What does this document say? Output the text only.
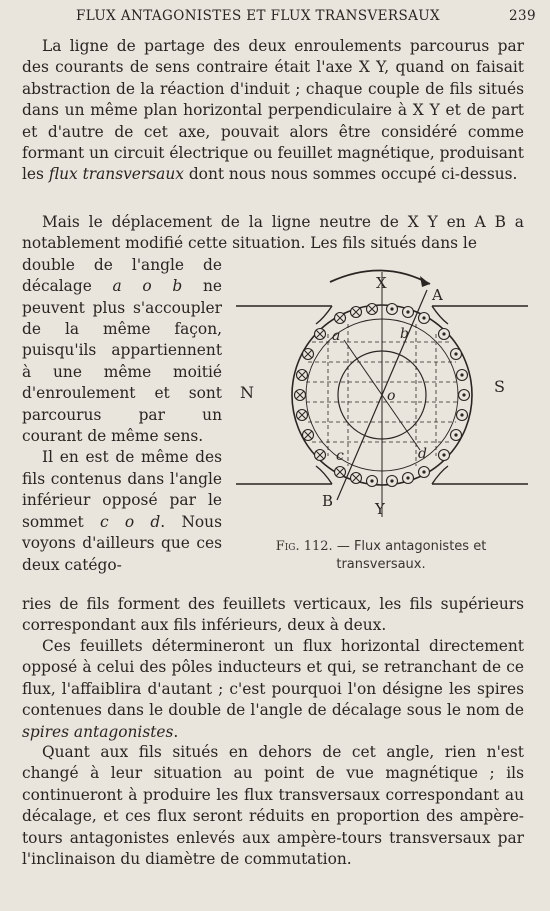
FLUX ANTAGONISTES ET FLUX TRANSVERSAUX	239
La ligne de partage des deux enroulements parcourus par des courants de sens contraire était l'axe X Y, quand on faisait abstraction de la réaction d'induit ; chaque couple de fils situés dans un même plan horizontal perpendiculaire à X Y et de part et d'autre de cet axe, pouvait alors être considéré comme formant un circuit électrique ou feuillet magnétique, produisant les flux transversaux dont nous nous sommes occupé ci-dessus.
Mais le déplacement de la ligne neutre de X Y en A B a notablement modifié cette situation. Les fils situés dans le
double de l'angle de décalage a o b ne peuvent plus s'accoupler de la même façon, puisqu'ils appartiennent à une même moitié d'enroulement et sont parcourus par un courant de même sens.
Il en est de même des fils contenus dans l'angle inférieur opposé par le sommet c o d. Nous voyons d'ailleurs que ces deux catégo-
ries de fils forment des feuillets verticaux, les fils supérieurs correspondant aux fils inférieurs, deux à deux.
Ces feuillets détermineront un flux horizontal directement opposé à celui des pôles inducteurs et qui, se retranchant de ce flux, l'affaiblira d'autant ; c'est pourquoi l'on désigne les spires contenues dans le double de l'angle de décalage sous le nom de spires antagonistes.
Quant aux fils situés en dehors de cet angle, rien n'est changé à leur situation au point de vue magnétique ; ils continueront à produire les flux transversaux correspondant au décalage, et ces flux seront réduits en proportion des ampère-tours antagonistes enlevés aux ampère-tours transversaux par l'inclinaison du diamètre de commutation.
X
Y
A
B
N	S
a	b
c	d
o
Fig. 112. — Flux antagonistes et transversaux.
